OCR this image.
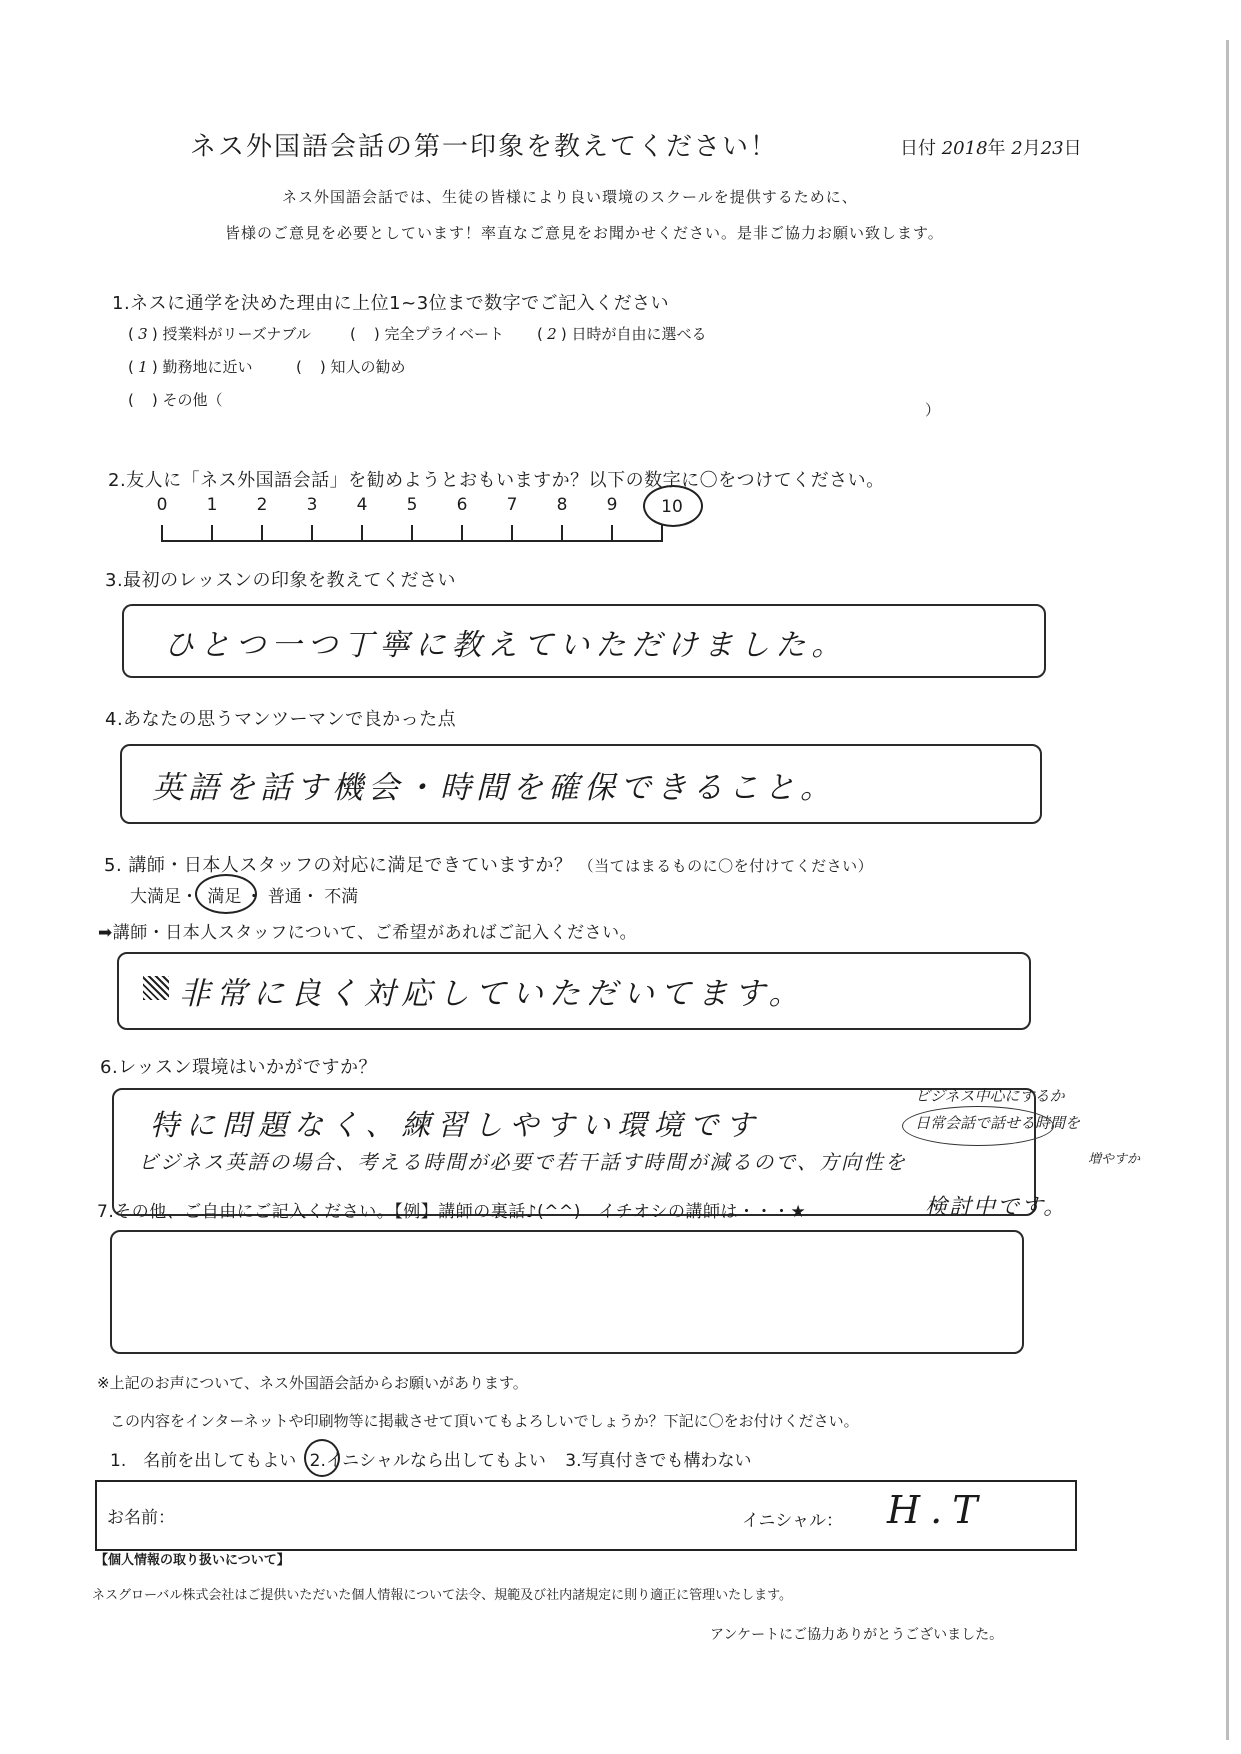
ネス外国語会話の第一印象を教えてください！	日付 2018年 2月23日
ネス外国語会話では、生徒の皆様により良い環境のスクールを提供するために、
皆様のご意見を必要としています！率直なご意見をお聞かせください。是非ご協力お願い致します。
1.ネスに通学を決めた理由に上位1~3位まで数字でご記入ください
( 3 ) 授業料がリーズナブル	( ) 完全プライベート ( 2 ) 日時が自由に選べる
( 1 ) 勤務地に近い	( ) 知人の勧め
( ) その他（
）
2.友人に「ネス外国語会話」を勧めようとおもいますか？以下の数字に〇をつけてください。
0 1 2 3 4 5 6 7 8 9	10
3.最初のレッスンの印象を教えてください
ひとつ一つ丁寧に教えていただけました。
4.あなたの思うマンツーマンで良かった点
英語を話す機会・時間を確保できること。
5. 講師・日本人スタッフの対応に満足できていますか？ （当てはまるものに〇を付けてください）
大満足・ 満足 ・ 普通・ 不満
➡講師・日本人スタッフについて、ご希望があればご記入ください。
非常に良く対応していただいてます。
6.レッスン環境はいかがですか？
特に問題なく、練習しやすい環境です
ビジネス英語の場合、考える時間が必要で若干話す時間が減るので、方向性を
ビジネス中心にするか
日常会話で話せる時間を
増やすか
検討中です。
7.その他、ご自由にご記入ください。【例】講師の裏話♪(^^)　イチオシの講師は・・・★
※上記のお声について、ネス外国語会話からお願いがあります。
この内容をインターネットや印刷物等に掲載させて頂いてもよろしいでしょうか？下記に〇をお付けください。
1.　名前を出してもよい 2.イニシャルなら出してもよい 3.写真付きでも構わない
お名前：	イニシャル： H.T
【個人情報の取り扱いについて】
ネスグローバル株式会社はご提供いただいた個人情報について法令、規範及び社内諸規定に則り適正に管理いたします。
アンケートにご協力ありがとうございました。
